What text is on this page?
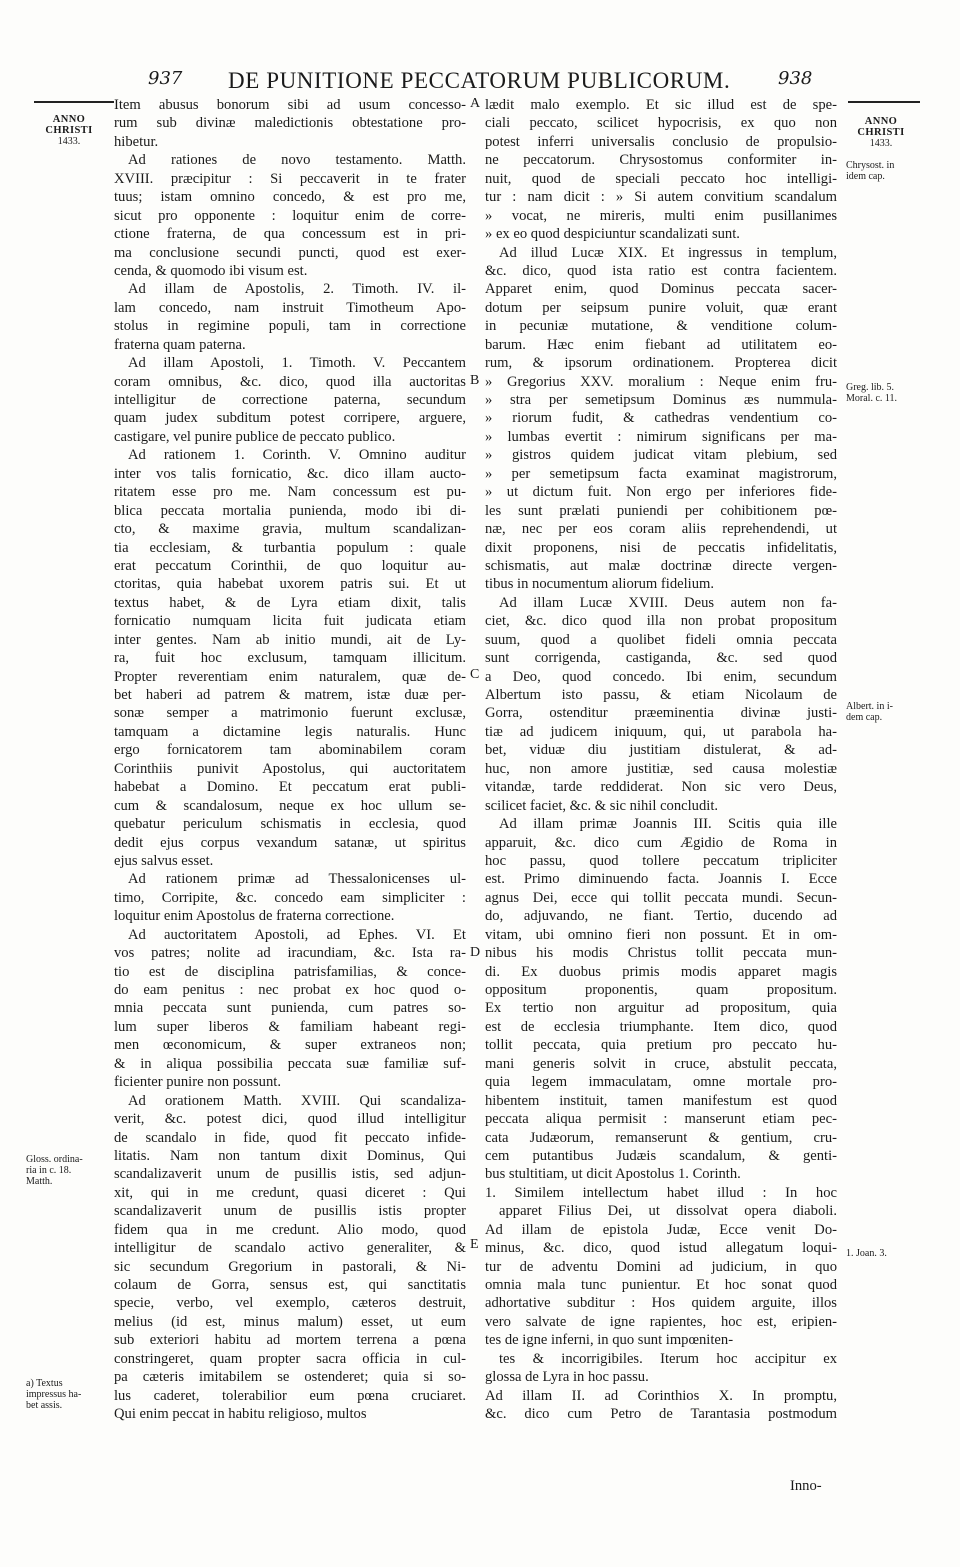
937 DE PUNITIONE PECCATORUM PUBLICORUM.	938
ANNO
CHRISTI
1433.
ANNO
CHRISTI
1433.
Chrysost. in
idem cap.
Greg. lib. 5.
Moral. c. 11.
Albert. in i-
dem cap.
Gloss. ordina-
ria in c. 18.
Matth.
a) Textus
impressus ha-
bet assis.
1. Joan. 3.
A
B
C
D
E
Item abusus bonorum sibi ad usum concesso-
rum sub divinæ maledictionis obtestatione pro-
hibetur.
Ad rationes de novo testamento. Matth.
XVIII. præcipitur : Si peccaverit in te frater
tuus; istam omnino concedo, & est pro me,
sicut pro opponente : loquitur enim de corre-
ctione fraterna, de qua concessum est in pri-
ma conclusione secundi puncti, quod est exer-
cenda, & quomodo ibi visum est.
Ad illam de Apostolis, 2. Timoth. IV. il-
lam concedo, nam instruit Timotheum Apo-
stolus in regimine populi, tam in correctione
fraterna quam paterna.
Ad illam Apostoli, 1. Timoth. V. Peccantem
coram omnibus, &c. dico, quod illa auctoritas
intelligitur de correctione paterna, secundum
quam judex subditum potest corripere, arguere,
castigare, vel punire publice de peccato publico.
Ad rationem 1. Corinth. V. Omnino auditur
inter vos talis fornicatio, &c. dico illam aucto-
ritatem esse pro me. Nam concessum est pu-
blica peccata mortalia punienda, modo ibi di-
cto, & maxime gravia, multum scandalizan-
tia ecclesiam, & turbantia populum : quale
erat peccatum Corinthii, de quo loquitur au-
ctoritas, quia habebat uxorem patris sui. Et ut
textus habet, & de Lyra etiam dixit, talis
fornicatio numquam licita fuit judicata etiam
inter gentes. Nam ab initio mundi, ait de Ly-
ra, fuit hoc exclusum, tamquam illicitum.
Propter reverentiam enim naturalem, quæ de-
bet haberi ad patrem & matrem, istæ duæ per-
sonæ semper a matrimonio fuerunt exclusæ,
tamquam a dictamine legis naturalis. Hunc
ergo fornicatorem tam abominabilem coram
Corinthiis punivit Apostolus, qui auctoritatem
habebat a Domino. Et peccatum erat publi-
cum & scandalosum, neque ex hoc ullum se-
quebatur periculum schismatis in ecclesia, quod
dedit ejus corpus vexandum satanæ, ut spiritus
ejus salvus esset.
Ad rationem primæ ad Thessalonicenses ul-
timo, Corripite, &c. concedo eam simpliciter :
loquitur enim Apostolus de fraterna correctione.
Ad auctoritatem Apostoli, ad Ephes. VI. Et
vos patres; nolite ad iracundiam, &c. Ista ra-
tio est de disciplina patrisfamilias, & conce-
do eam penitus : nec probat ex hoc quod o-
mnia peccata sunt punienda, cum patres so-
lum super liberos & familiam habeant regi-
men œconomicum, & super extraneos non;
& in aliqua possibilia peccata suæ familiæ suf-
ficienter punire non possunt.
Ad orationem Matth. XVIII. Qui scandaliza-
verit, &c. potest dici, quod illud intelligitur
de scandalo in fide, quod fit peccato infide-
litatis. Nam non tantum dixit Dominus, Qui
scandalizaverit unum de pusillis istis, sed adjun-
xit, qui in me credunt, quasi diceret : Qui
scandalizaverit unum de pusillis istis propter
fidem qua in me credunt. Alio modo, quod
intelligitur de scandalo activo generaliter, &
sic secundum Gregorium in pastorali, & Ni-
colaum de Gorra, sensus est, qui sanctitatis
specie, verbo, vel exemplo, cæteros destruit,
melius (id est, minus malum) esset, ut eum
sub exteriori habitu ad mortem terrena a pœna
constringeret, quam propter sacra officia in cul-
pa cæteris imitabilem se ostenderet; quia si so-
lus caderet, tolerabilior eum pœna cruciaret.
Qui enim peccat in habitu religioso, multos
lædit malo exemplo. Et sic illud est de spe-
ciali peccato, scilicet hypocrisis, ex quo non
potest inferri universalis conclusio de propulsio-
ne peccatorum. Chrysostomus conformiter in-
nuit, quod de speciali peccato hoc intelligi-
tur : nam dicit : » Si autem convitium scandalum
» vocat, ne mireris, multi enim pusillanimes
» ex eo quod despiciuntur scandalizati sunt.
Ad illud Lucæ XIX. Et ingressus in templum,
&c. dico, quod ista ratio est contra facientem.
Apparet enim, quod Dominus peccata sacer-
dotum per seipsum punire voluit, quæ erant
in pecuniæ mutatione, & venditione colum-
barum. Hæc enim fiebant ad utilitatem eo-
rum, & ipsorum ordinationem. Propterea dicit
» Gregorius XXV. moralium : Neque enim fru-
» stra per semetipsum Dominus æs nummula-
» riorum fudit, & cathedras vendentium co-
» lumbas evertit : nimirum significans per ma-
» gistros quidem judicat vitam plebium, sed
» per semetipsum facta examinat magistrorum,
» ut dictum fuit. Non ergo per inferiores fide-
les sunt prælati puniendi per cohibitionem pœ-
næ, nec per eos coram aliis reprehendendi, ut
dixit proponens, nisi de peccatis infidelitatis,
schismatis, aut malæ doctrinæ directe vergen-
tibus in nocumentum aliorum fidelium.
Ad illam Lucæ XVIII. Deus autem non fa-
ciet, &c. dico quod illa non probat propositum
suum, quod a quolibet fideli omnia peccata
sunt corrigenda, castiganda, &c. sed quod
a Deo, quod concedo. Ibi enim, secundum
Albertum isto passu, & etiam Nicolaum de
Gorra, ostenditur præeminentia divinæ justi-
tiæ ad judicem iniquum, qui, ut parabola ha-
bet, viduæ diu justitiam distulerat, & ad-
huc, non amore justitiæ, sed causa molestiæ
vitandæ, tarde reddiderat. Non sic vero Deus,
scilicet faciet, &c. & sic nihil concludit.
Ad illam primæ Joannis III. Scitis quia ille
apparuit, &c. dico cum Ægidio de Roma in
hoc passu, quod tollere peccatum tripliciter
est. Primo diminuendo facta. Joannis I. Ecce
agnus Dei, ecce qui tollit peccata mundi. Secun-
do, adjuvando, ne fiant. Tertio, ducendo ad
vitam, ubi omnino fieri non possunt. Et in om-
nibus his modis Christus tollit peccata mun-
di. Ex duobus primis modis apparet magis
oppositum proponentis, quam propositum.
Ex tertio non arguitur ad propositum, quia
est de ecclesia triumphante. Item dico, quod
tollit peccata, quia pretium pro peccato hu-
mani generis solvit in cruce, abstulit peccata,
quia legem immaculatam, omne mortale pro-
hibentem instituit, tamen manifestum est quod
peccata aliqua permisit : manserunt etiam pec-
cata Judæorum, remanserunt & gentium, cru-
cem putantibus Judæis scandalum, & genti-
bus stultitiam, ut dicit Apostolus 1. Corinth.
1. Similem intellectum habet illud : In hoc
apparet Filius Dei, ut dissolvat opera diaboli.
Ad illam de epistola Judæ, Ecce venit Do-
minus, &c. dico, quod istud allegatum loqui-
tur de adventu Domini ad judicium, in quo
omnia mala tunc punientur. Et hoc sonat quod
adhortative subditur : Hos quidem arguite, illos
vero salvate de igne rapientes, hoc est, eripien-
tes de igne inferni, in quo sunt impœniten-
tes & incorrigibiles. Iterum hoc accipitur ex
glossa de Lyra in hoc passu.
Ad illam II. ad Corinthios X. In promptu,
&c. dico cum Petro de Tarantasia postmodum
Inno-
